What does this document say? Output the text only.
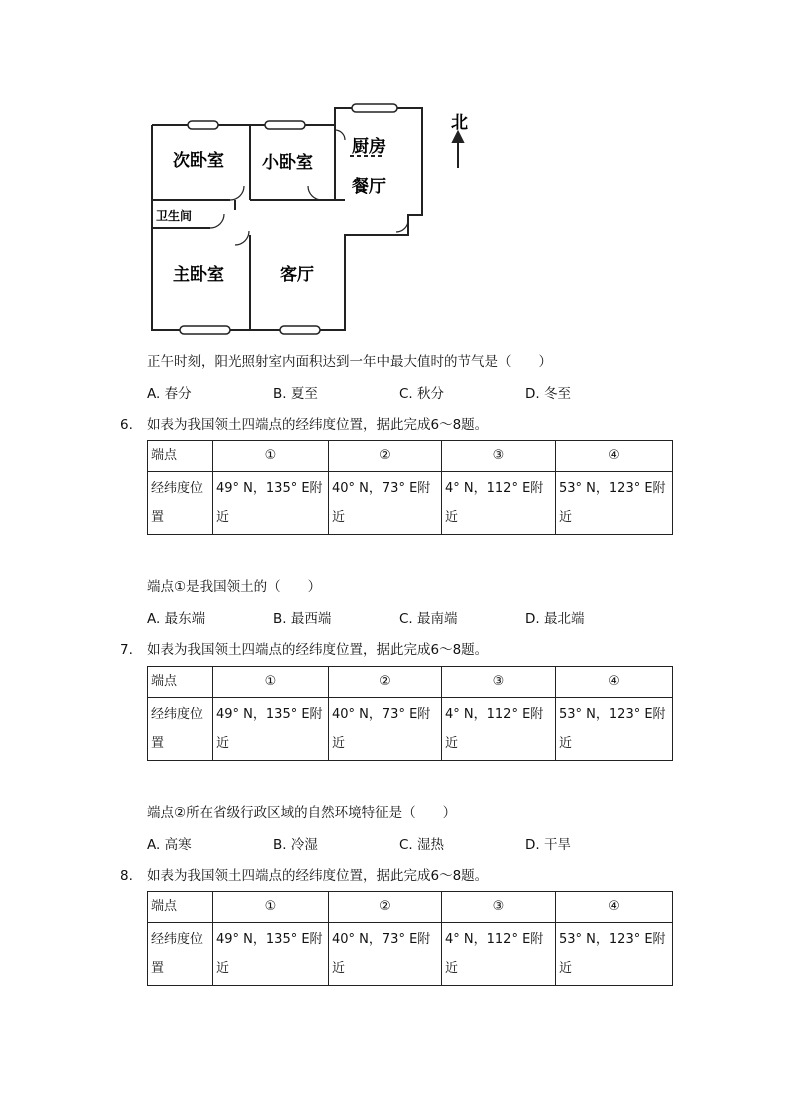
北
次卧室 小卧室
厨房
餐厅
卫生间
主卧室	客厅
正午时刻，阳光照射室内面积达到一年中最大值时的节气是（　　）
A. 春分	B. 夏至	C. 秋分	D. 冬至
6. 如表为我国领土四端点的经纬度位置，据此完成6～8题。
端点	①	②	③	④

经纬度位置	49° N，135° E附近	40° N，73° E附近	4° N，112° E附近	53° N，123° E附近
端点①是我国领土的（　　）
A. 最东端	B. 最西端	C. 最南端	D. 最北端
7. 如表为我国领土四端点的经纬度位置，据此完成6～8题。
端点	①	②	③	④

经纬度位置	49° N，135° E附近	40° N，73° E附近	4° N，112° E附近	53° N，123° E附近
端点②所在省级行政区域的自然环境特征是（　　）
A. 高寒	B. 冷湿	C. 湿热	D. 干旱
8. 如表为我国领土四端点的经纬度位置，据此完成6～8题。
端点	①	②	③	④

经纬度位置	49° N，135° E附近	40° N，73° E附近	4° N，112° E附近	53° N，123° E附近
